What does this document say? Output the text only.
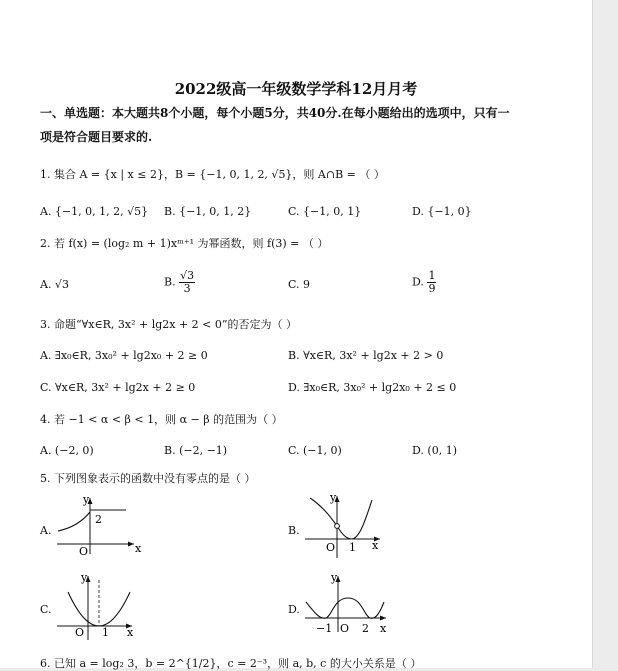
2022级高一年级数学学科12月月考
一、单选题：本大题共8个小题，每个小题5分，共40分.在每小题给出的选项中，只有一
项是符合题目要求的.
1. 集合 A = {x | x ≤ 2}，B = {−1, 0, 1, 2, √5}，则 A∩B = （ ）
A. {−1, 0, 1, 2, √5} B. {−1, 0, 1, 2}	C. {−1, 0, 1}	D. {−1, 0}
2. 若 f(x) = (log₂ m + 1)xᵐ⁺¹ 为幂函数，则 f(3) = （ ）
A. √3	B. $\frac{√3}{3}$	C. 9	D. $\frac{1}{9}$
3. 命题“∀x∈R, 3x² + lg2x + 2 < 0”的否定为（ ）
A. ∃x₀∈R, 3x₀² + lg2x₀ + 2 ≥ 0	B. ∀x∈R, 3x² + lg2x + 2 > 0
C. ∀x∈R, 3x² + lg2x + 2 ≥ 0	D. ∃x₀∈R, 3x₀² + lg2x₀ + 2 ≤ 0
4. 若 −1 < α < β < 1，则 α − β 的范围为（ ）
A. (−2, 0)	B. (−2, −1)	C. (−1, 0)	D. (0, 1)
5. 下列图象表示的函数中没有零点的是（ ）
A.	B.
C.	D.
y
x
O
2
y
x
O 1
y
x
O 1
y
x
−1 O 2
6. 已知 a = log₂ 3，b = 2^{1/2}，c = 2⁻³，则 a, b, c 的大小关系是（ ）
